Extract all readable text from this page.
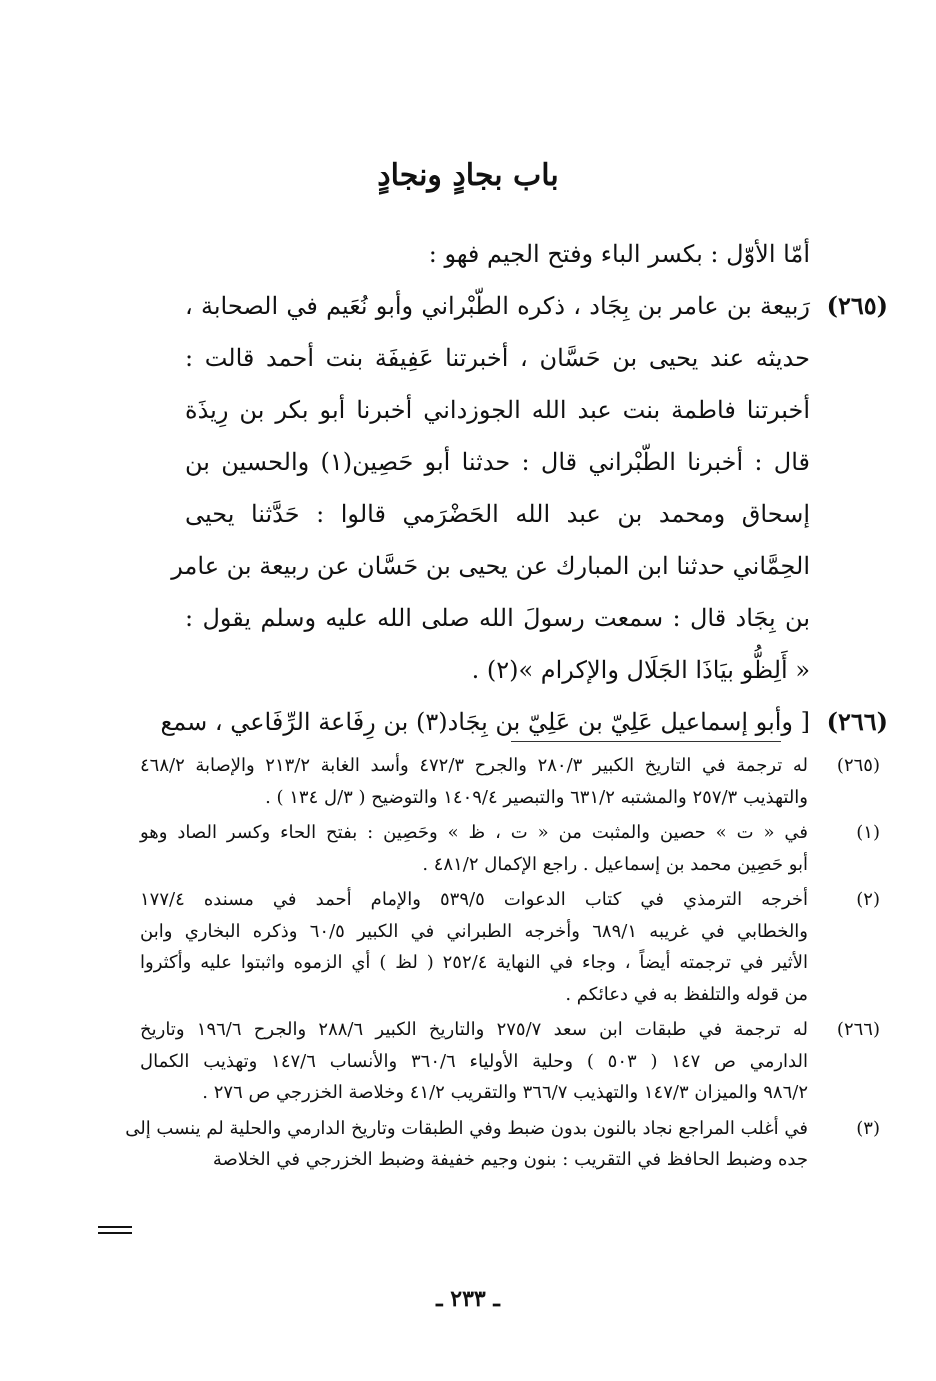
باب بجادٍ ونجادٍ
أمّا الأوّل : بكسر الباء وفتح الجيم فهو :
(٢٦٥)
رَبيعة بن عامر بن بِجَاد ، ذكره الطّبْراني وأبو نُعَيم في الصحابة ،
حديثه عند يحيى بن حَسَّان ، أخبرتنا عَفِيفَة بنت أحمد قالت :
أخبرتنا فاطمة بنت عبد الله الجوزداني أخبرنا أبو بكر بن رِيذَة
قال : أخبرنا الطّبْراني قال : حدثنا أبو حَصِين(١) والحسين بن
إسحاق ومحمد بن عبد الله الحَضْرَمي قالوا : حَدَّثنا يحيى
الحِمَّاني حدثنا ابن المبارك عن يحيى بن حَسَّان عن ربيعة بن عامر
بن بِجَاد قال : سمعت رسولَ الله صلى الله عليه وسلم يقول :
« أَلِظُّو بيَاذَا الجَلَال والإكرام »(٢) .
(٢٦٦)
[ وأبو إسماعيل عَلِيّ بن عَلِيّ بن بِجَاد(٣) بن رِفَاعة الرِّفَاعي ، سمع
(٢٦٥)
له ترجمة في التاريخ الكبير ٢٨٠/٣ والجرح ٤٧٢/٣ وأسد الغابة ٢١٣/٢ والإصابة ٤٦٨/٢
والتهذيب ٢٥٧/٣ والمشتبه ٦٣١/٢ والتبصير ١٤٠٩/٤ والتوضيح ( ٣/ل ١٣٤ ) .
(١)
في « ت » حصين والمثبت من « ت ، ظ » وحَصِين : بفتح الحاء وكسر الصاد وهو
أبو حَصِين محمد بن إسماعيل . راجع الإكمال ٤٨١/٢ .
(٢)
أخرجه الترمذي في كتاب الدعوات ٥٣٩/٥ والإمام أحمد في مسنده ١٧٧/٤
والخطابي في غريبه ٦٨٩/١ وأخرجه الطبراني في الكبير ٦٠/٥ وذكره البخاري وابن
الأثير في ترجمته أيضاً ، وجاء في النهاية ٢٥٢/٤ ( لظ ) أي الزموه واثبتوا عليه وأكثروا
من قوله والتلفظ به في دعائكم .
(٢٦٦)
له ترجمة في طبقات ابن سعد ٢٧٥/٧ والتاريخ الكبير ٢٨٨/٦ والجرح ١٩٦/٦ وتاريخ
الدارمي ص ١٤٧ ( ٥٠٣ ) وحلية الأولياء ٣٦٠/٦ والأنساب ١٤٧/٦ وتهذيب الكمال
٩٨٦/٢ والميزان ١٤٧/٣ والتهذيب ٣٦٦/٧ والتقريب ٤١/٢ وخلاصة الخزرجي ص ٢٧٦ .
(٣)
في أغلب المراجع نجاد بالنون بدون ضبط وفي الطبقات وتاريخ الدارمي والحلية لم ينسب إلى
جده وضبط الحافظ في التقريب : بنون وجيم خفيفة وضبط الخزرجي في الخلاصة
ـ ٢٣٣ ـ
